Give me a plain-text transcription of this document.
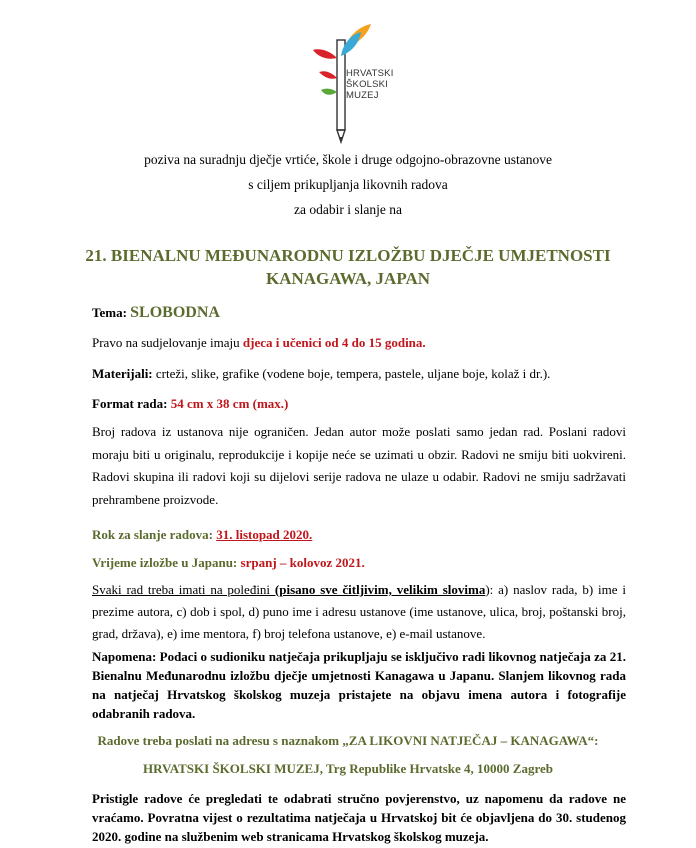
HRVATSKI
ŠKOLSKI
MUZEJ
poziva na suradnju dječje vrtiće, škole i druge odgojno-obrazovne ustanove
s ciljem prikupljanja likovnih radova
za odabir i slanje na
21. BIENALNU MEĐUNARODNU IZLOŽBU DJEČJE UMJETNOSTI
KANAGAWA, JAPAN
Tema: SLOBODNA
Pravo na sudjelovanje imaju djeca i učenici od 4 do 15 godina.
Materijali: crteži, slike, grafike (vodene boje, tempera, pastele, uljane boje, kolaž i dr.).
Format rada: 54 cm x 38 cm (max.)
Broj radova iz ustanova nije ograničen. Jedan autor može poslati samo jedan rad. Poslani radovi moraju biti u originalu, reprodukcije i kopije neće se uzimati u obzir. Radovi ne smiju biti uokvireni. Radovi skupina ili radovi koji su dijelovi serije radova ne ulaze u odabir. Radovi ne smiju sadržavati prehrambene proizvode.
Rok za slanje radova: 31. listopad 2020.
Vrijeme izložbe u Japanu: srpanj – kolovoz 2021.
Svaki rad treba imati na poleđini (pisano sve čitljivim, velikim slovima): a) naslov rada, b) ime i prezime autora, c) dob i spol, d) puno ime i adresu ustanove (ime ustanove, ulica, broj, poštanski broj, grad, država), e) ime mentora, f) broj telefona ustanove, e) e-mail ustanove.
Napomena: Podaci o sudioniku natječaja prikupljaju se isključivo radi likovnog natječaja za 21. Bienalnu Međunarodnu izložbu dječje umjetnosti Kanagawa u Japanu. Slanjem likovnog rada na natječaj Hrvatskog školskog muzeja pristajete na objavu imena autora i fotografije odabranih radova.
Radove treba poslati na adresu s naznakom „ZA LIKOVNI NATJEČAJ – KANAGAWA“:
HRVATSKI ŠKOLSKI MUZEJ, Trg Republike Hrvatske 4, 10000 Zagreb
Pristigle radove će pregledati te odabrati stručno povjerenstvo, uz napomenu da radove ne vraćamo. Povratna vijest o rezultatima natječaja u Hrvatskoj bit će objavljena do 30. studenog 2020. godine na službenim web stranicama Hrvatskog školskog muzeja.
